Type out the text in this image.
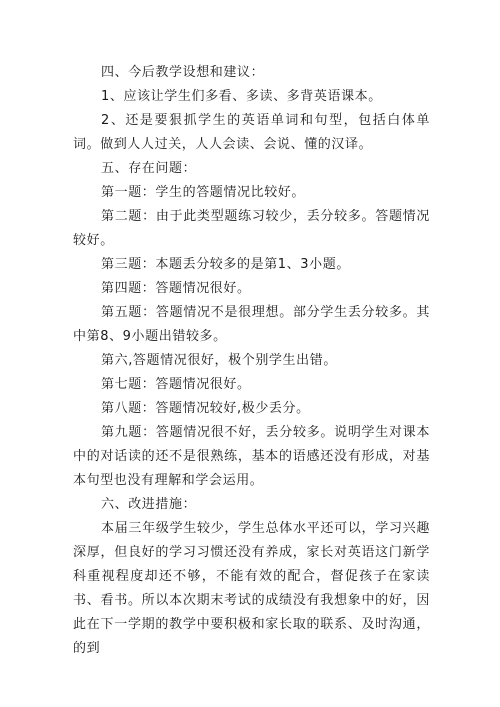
四、今后教学设想和建议：

1、应该让学生们多看、多读、多背英语课本。

2、还是要狠抓学生的英语单词和句型，包括白体单词。做到人人过关，人人会读、会说、懂的汉译。

五、存在问题：

第一题：学生的答题情况比较好。

第二题：由于此类型题练习较少，丢分较多。答题情况较好。

第三题：本题丢分较多的是第1、3小题。

第四题：答题情况很好。

第五题：答题情况不是很理想。部分学生丢分较多。其中第8、9小题出错较多。

第六,答题情况很好，极个别学生出错。

第七题：答题情况很好。

第八题：答题情况较好,极少丢分。

第九题：答题情况很不好，丢分较多。说明学生对课本中的对话读的还不是很熟练，基本的语感还没有形成，对基本句型也没有理解和学会运用。

六、改进措施：

本届三年级学生较少，学生总体水平还可以，学习兴趣深厚，但良好的学习习惯还没有养成，家长对英语这门新学科重视程度却还不够，不能有效的配合，督促孩子在家读书、看书。所以本次期末考试的成绩没有我想象中的好，因此在下一学期的教学中要积极和家长取的联系、及时沟通，的到
